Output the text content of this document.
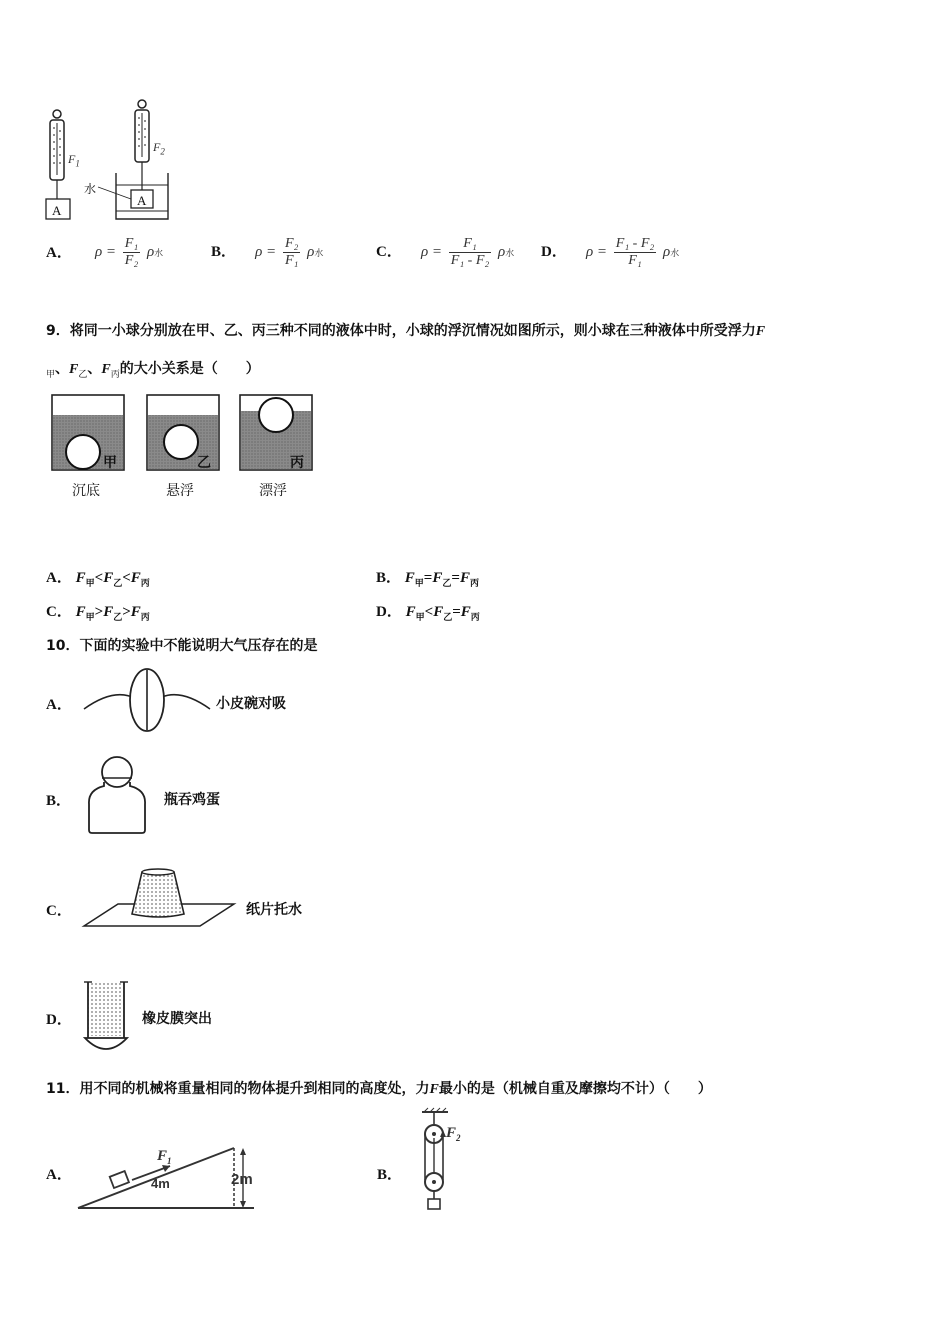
$F_1$
$F_2$
水
A
A
A． $\rho = \frac{\text{F₁}}{\text{F₂}}$ ρ水	B． $\rho = \frac{\text{F₂}}{\text{F₁}}$ ρ水	C． $\rho = \frac{\text{F₁}}{\text{F₁ - F₂}}$ ρ水 D． $\rho = \frac{\text{F₁ - F₂}}{\text{F₁}}$ ρ水
9．将同一小球分别放在甲、乙、丙三种不同的液体中时，小球的浮沉情况如图所示，则小球在三种液体中所受浮力F
$_甲$、$F_乙$、$F_丙$的大小关系是（　　）
甲	乙	丙
沉底	悬浮	漂浮
A． $F_甲<F_乙<F_丙$	B． $F_甲=F_乙=F_丙$
C． $F_甲>F_乙>F_丙$	D． $F_甲<F_乙=F_丙$
10．下面的实验中不能说明大气压存在的是
A．	小皮碗对吸
B．	瓶吞鸡蛋
C．	纸片托水
D．	橡皮膜突出
11．用不同的机械将重量相同的物体提升到相同的高度处，力F最小的是（机械自重及摩擦均不计）（　　）
A．
$F_1$
4m	2m	B．
$F_2$
